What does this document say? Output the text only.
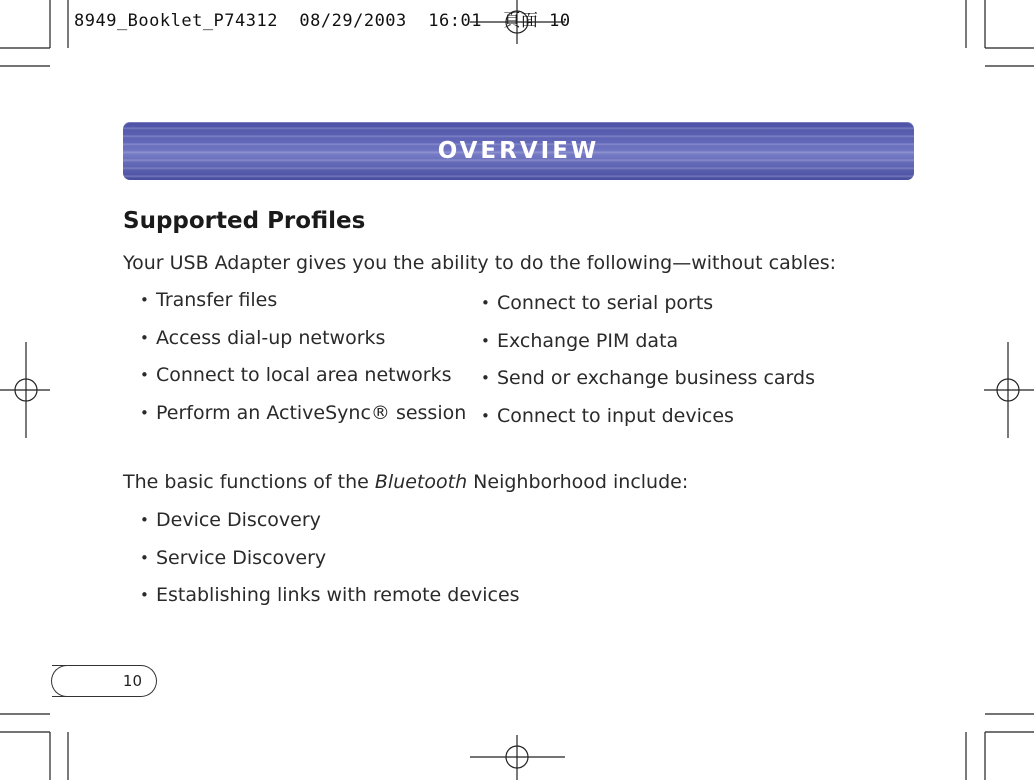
8949_Booklet_P74312  08/29/2003  16:01  頁面 10
OVERVIEW
Supported Profiles
Your USB Adapter gives you the ability to do the following—without cables:
• Transfer files
• Access dial-up networks
• Connect to local area networks
• Perform an ActiveSync® session
• Connect to serial ports
• Exchange PIM data
• Send or exchange business cards
• Connect to input devices
The basic functions of the Bluetooth Neighborhood include:
• Device Discovery
• Service Discovery
• Establishing links with remote devices
10
